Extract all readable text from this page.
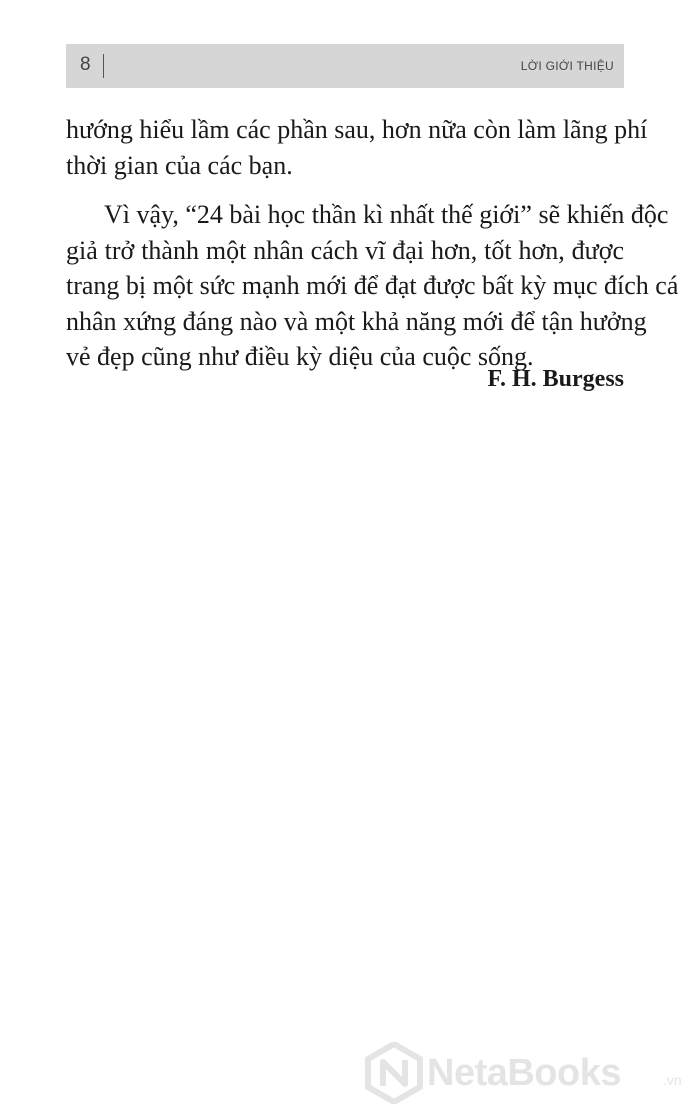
8	LỜI GIỚI THIỆU
hướng hiểu lầm các phần sau, hơn nữa còn làm lãng phí
thời gian của các bạn.
Vì vậy, “24 bài học thần kì nhất thế giới” sẽ khiến độc
giả trở thành một nhân cách vĩ đại hơn, tốt hơn, được
trang bị một sức mạnh mới để đạt được bất kỳ mục đích cá
nhân xứng đáng nào và một khả năng mới để tận hưởng
vẻ đẹp cũng như điều kỳ diệu của cuộc sống.
F. H. Burgess
NetaBooks	.vn
